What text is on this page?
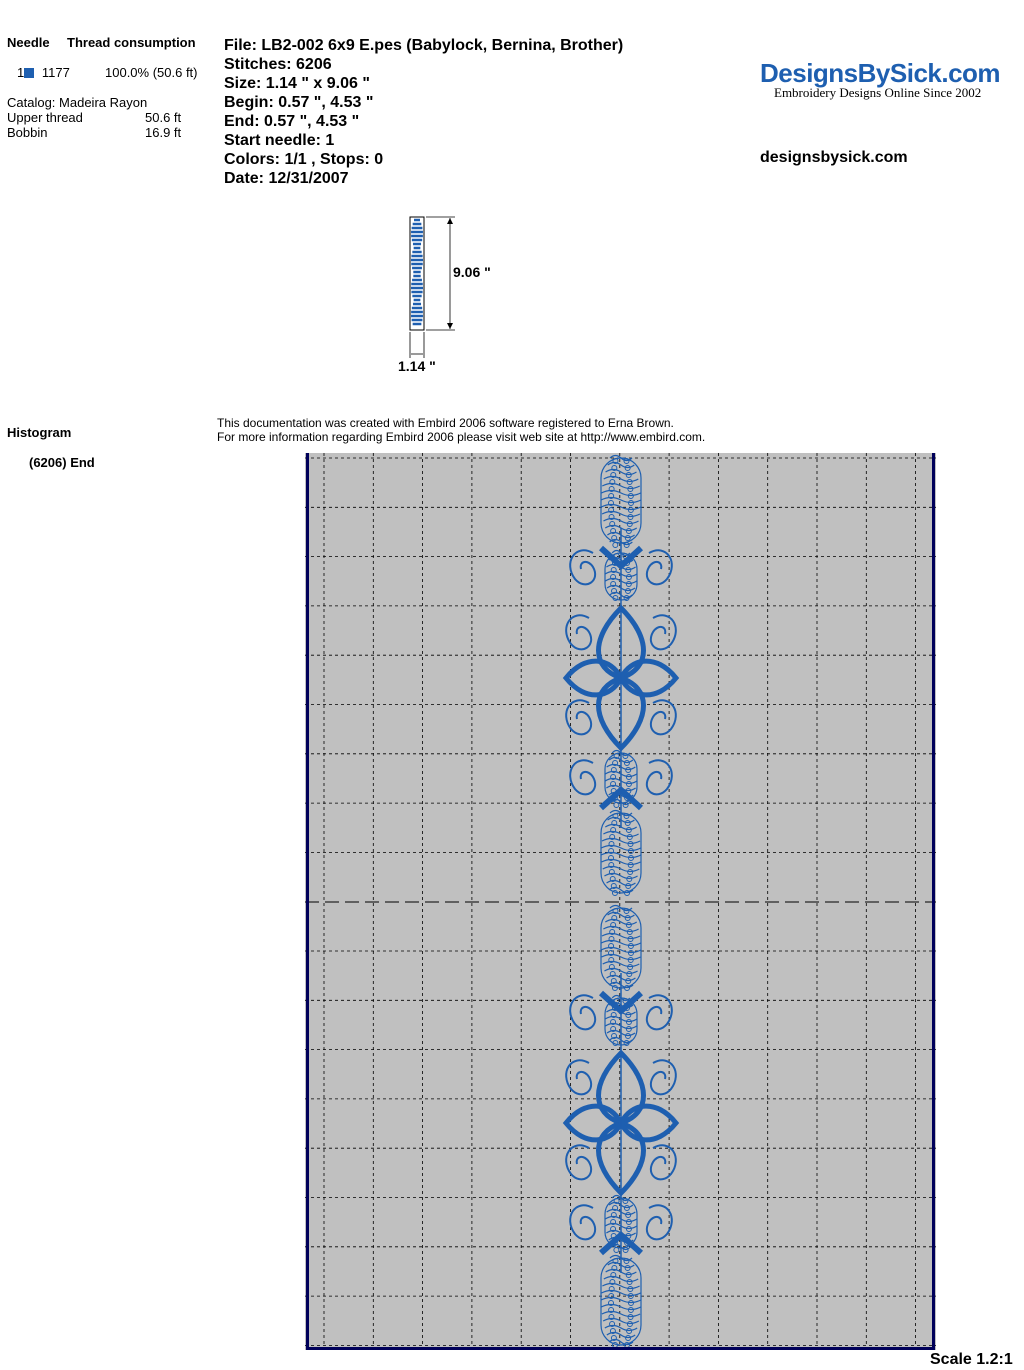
Needle Thread consumption
1 1177	100.0% (50.6 ft)
Catalog: Madeira Rayon
Upper thread	50.6 ft
Bobbin	16.9 ft
File: LB2-002 6x9 E.pes (Babylock, Bernina, Brother)
Stitches: 6206
Size: 1.14 " x 9.06 "
Begin: 0.57 ", 4.53 "
End: 0.57 ", 4.53 "
Start needle: 1
Colors: 1/1 , Stops: 0
Date: 12/31/2007
DesignsBySick.com
Embroidery Designs Online Since 2002
designsbysick.com
9.06 "
1.14 "
Histogram
(6206) End
This documentation was created with Embird 2006 software registered to Erna Brown.
For more information regarding Embird 2006 please visit web site at http://www.embird.com.
Scale 1.2:1
